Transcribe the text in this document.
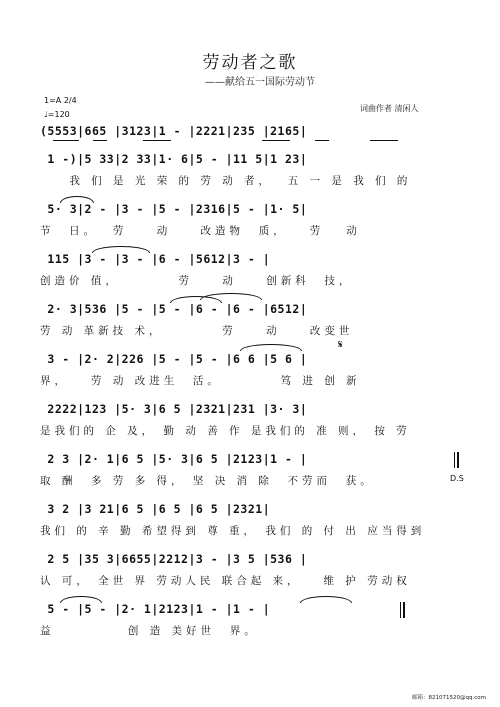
劳动者之歌
——献给五一国际劳动节
1=A 2/4
♩=120
词曲作者 清闲人
(5553|665 |3123|1 - |2221|235 |2165|
1 -)|5 33|2 33|1· 6|5 - |11 5|1 23|
我 们 是 光 荣 的 劳 动 者，  五 一 是 我 们 的
5· 3|2 - |3 - |5 - |2316|5 - |1· 5|
节  日。  劳    动    改造物  质，   劳   动
115 |3 - |3 - |6 - |5612|3 - |
创造价 值，        劳    动    创新科  技，
2· 3|536 |5 - |5 - |6 - |6 - |6512|
劳 动 革新技 术，        劳    动    改变世
3 - |2· 2|226 |5 - |5 - |6 6 |5 6 |
界，   劳 动 改进生  活。        笃 进 创 新
2222|123 |5· 3|6 5 |2321|231 |3· 3|
是我们的 企 及， 勤 动 善 作 是我们的 准 则， 按 劳
2 3 |2· 1|6 5 |5· 3|6 5 |2123|1 - |
取 酬  多 劳 多 得， 坚 决 消 除  不劳而  获。
3 2 |3 21|6 5 |6 5 |6 5 |2321|
我们 的 辛 勤 希望得到 尊 重， 我们 的 付 出 应当得到
2 5 |35 3|6655|2212|3 - |3 5 |536 |
认 可， 全世 界 劳动人民 联合起 来，   维 护 劳动权
5 - |5 - |2· 1|2123|1 - |1 - |
益          创 造 美好世  界。
𝄋
D.S
邮箱：821071520@qq.com
